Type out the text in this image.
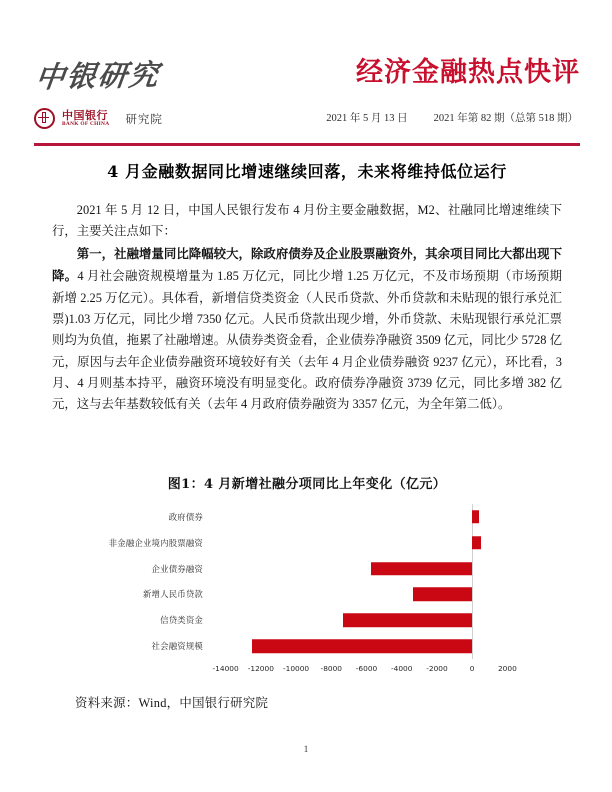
中银研究	经济金融热点快评
中国银行
BANK OF CHINA 研究院	2021 年 5 月 13 日 2021 年第 82 期（总第 518 期）
4 月金融数据同比增速继续回落，未来将维持低位运行

2021 年 5 月 12 日，中国人民银行发布 4 月份主要金融数据，M2、社融同比增速维续下行，主要关注点如下：

第一，社融增量同比降幅较大，除政府债券及企业股票融资外，其余项目同比大都出现下降。4 月社会融资规模增量为 1.85 万亿元，同比少增 1.25 万亿元，不及市场预期（市场预期新增 2.25 万亿元）。具体看，新增信贷类资金（人民币贷款、外币贷款和未贴现的银行承兑汇票)1.03 万亿元，同比少增 7350 亿元。人民币贷款出现少增，外币贷款、未贴现银行承兑汇票则均为负值，拖累了社融增速。从债券类资金看，企业债券净融资 3509 亿元，同比少 5728 亿元，原因与去年企业债券融资环境较好有关（去年 4 月企业债券融资 9237 亿元），环比看，3 月、4 月则基本持平，融资环境没有明显变化。政府债券净融资 3739 亿元，同比多增 382 亿元，这与去年基数较低有关（去年 4 月政府债券融资为 3357 亿元，为全年第二低）。

图1：4 月新增社融分项同比上年变化（亿元）
政府债券
非金融企业境内股票融资
企业债券融资
新增人民币贷款
信贷类资金
社会融资规模
-14000 -12000 -10000 -8000 -6000 -4000 -2000	0	2000
资料来源：Wind，中国银行研究院
1
